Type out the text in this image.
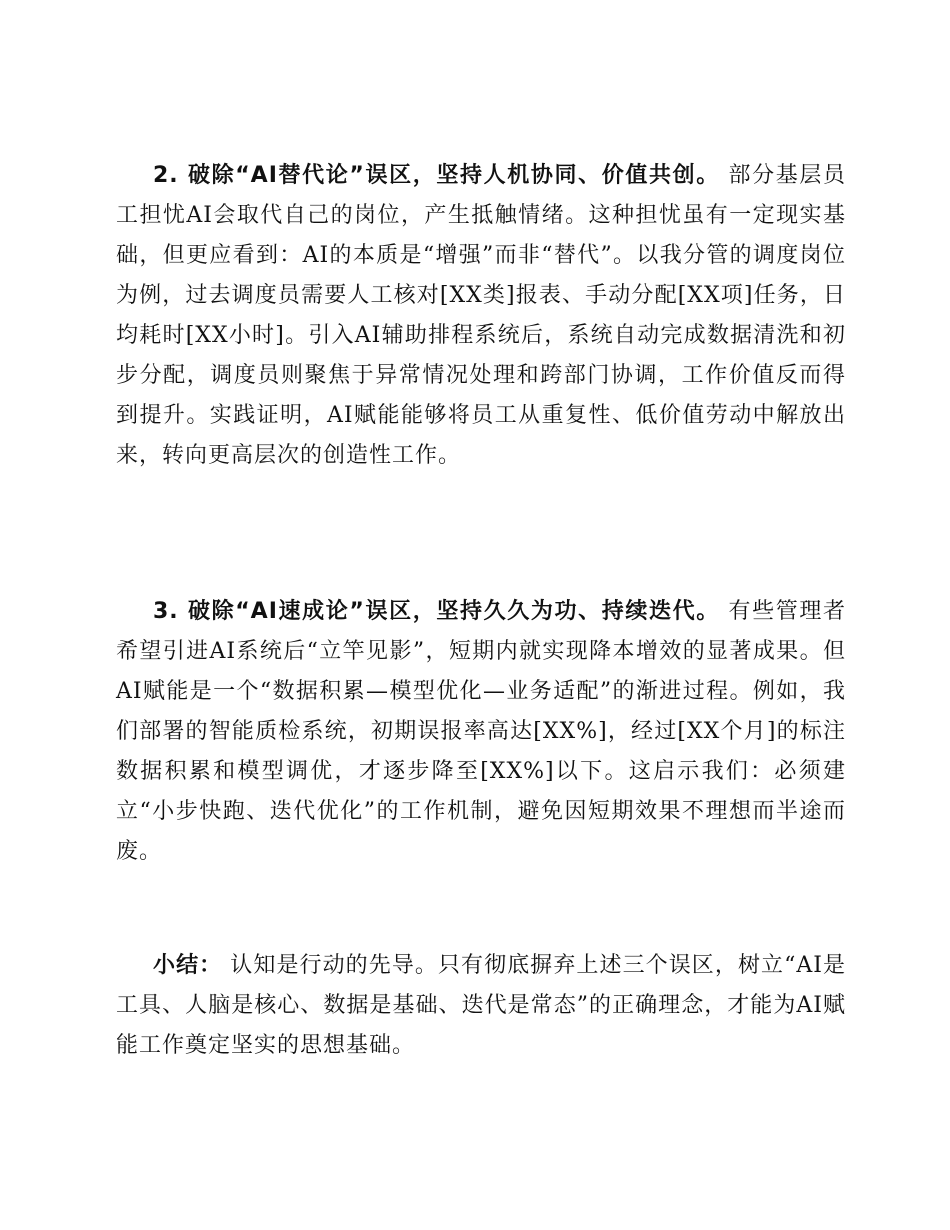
2. 破除“AI替代论”误区，坚持人机协同、价值共创。 部分基层员工担忧AI会取代自己的岗位，产生抵触情绪。这种担忧虽有一定现实基础，但更应看到：AI的本质是“增强”而非“替代”。以我分管的调度岗位为例，过去调度员需要人工核对[XX类]报表、手动分配[XX项]任务，日均耗时[XX小时]。引入AI辅助排程系统后，系统自动完成数据清洗和初步分配，调度员则聚焦于异常情况处理和跨部门协调，工作价值反而得到提升。实践证明，AI赋能能够将员工从重复性、低价值劳动中解放出来，转向更高层次的创造性工作。

3. 破除“AI速成论”误区，坚持久久为功、持续迭代。 有些管理者希望引进AI系统后“立竿见影”，短期内就实现降本增效的显著成果。但AI赋能是一个“数据积累—模型优化—业务适配”的渐进过程。例如，我们部署的智能质检系统，初期误报率高达[XX%]，经过[XX个月]的标注数据积累和模型调优，才逐步降至[XX%]以下。这启示我们：必须建立“小步快跑、迭代优化”的工作机制，避免因短期效果不理想而半途而废。

小结： 认知是行动的先导。只有彻底摒弃上述三个误区，树立“AI是工具、人脑是核心、数据是基础、迭代是常态”的正确理念，才能为AI赋能工作奠定坚实的思想基础。
